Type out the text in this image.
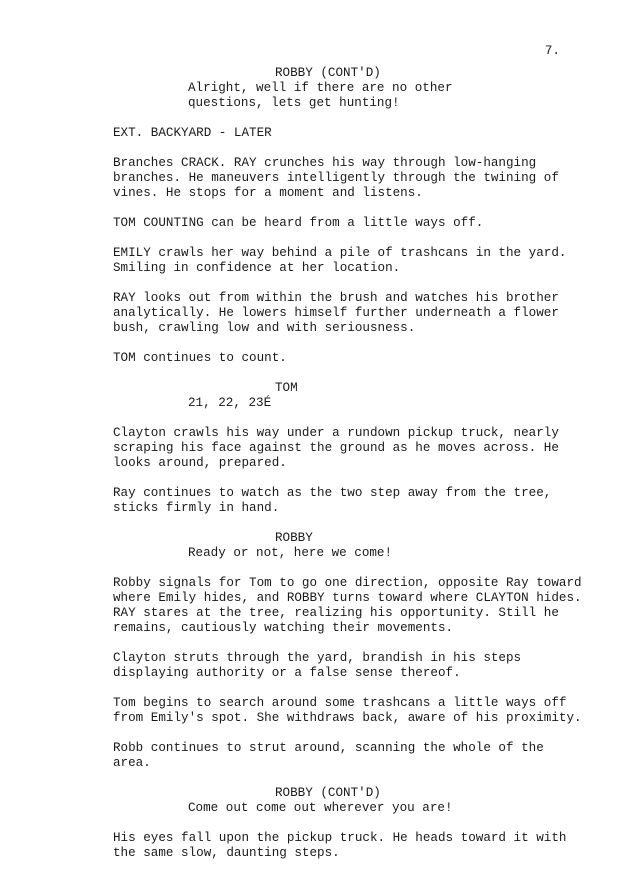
7.

ROBBY (CONT'D)

Alright, well if there are no other
questions, lets get hunting!

EXT. BACKYARD - LATER

Branches CRACK. RAY crunches his way through low-hanging
branches. He maneuvers intelligently through the twining of
vines. He stops for a moment and listens.
TOM COUNTING can be heard from a little ways off.
EMILY crawls her way behind a pile of trashcans in the yard.
Smiling in confidence at her location.
RAY looks out from within the brush and watches his brother
analytically. He lowers himself further underneath a flower
bush, crawling low and with seriousness.
TOM continues to count.

TOM

21, 22, 23É
Clayton crawls his way under a rundown pickup truck, nearly
scraping his face against the ground as he moves across. He
looks around, prepared.
Ray continues to watch as the two step away from the tree,
sticks firmly in hand.

ROBBY

Ready or not, here we come!
Robby signals for Tom to go one direction, opposite Ray toward
where Emily hides, and ROBBY turns toward where CLAYTON hides.
RAY stares at the tree, realizing his opportunity. Still he
remains, cautiously watching their movements.
Clayton struts through the yard, brandish in his steps
displaying authority or a false sense thereof.
Tom begins to search around some trashcans a little ways off
from Emily's spot. She withdraws back, aware of his proximity.
Robb continues to strut around, scanning the whole of the
area.

ROBBY (CONT'D)

Come out come out wherever you are!
His eyes fall upon the pickup truck. He heads toward it with
the same slow, daunting steps.
